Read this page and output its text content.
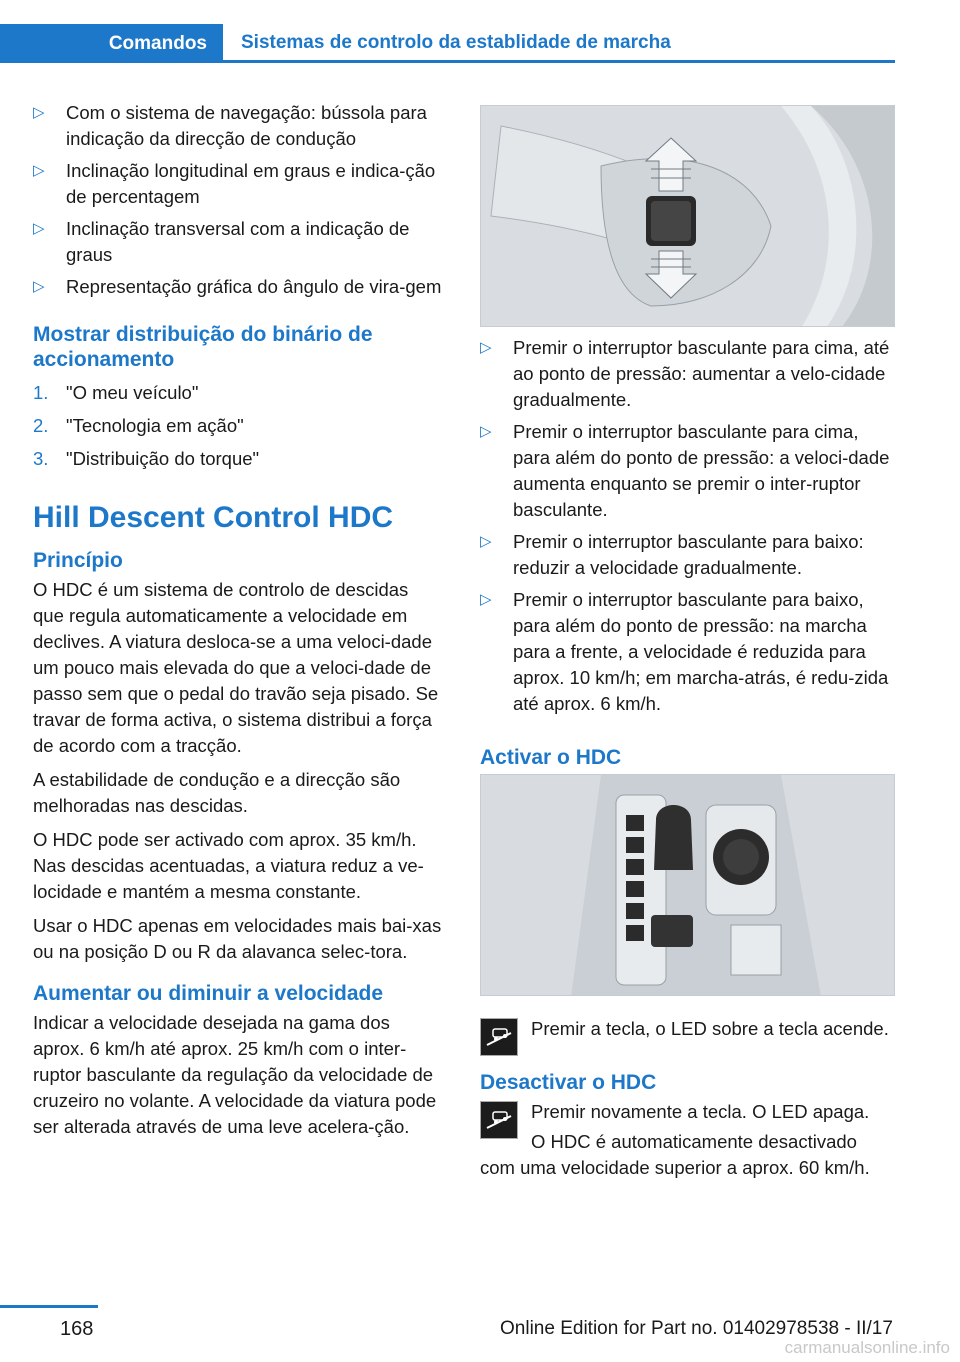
Comandos	Sistemas de controlo da establidade de marcha
▷ Com o sistema de navegação: bússola para indicação da direcção de condução
▷ Inclinação longitudinal em graus e indica-ção de percentagem
▷ Inclinação transversal com a indicação de graus
▷ Representação gráfica do ângulo de vira-gem
Mostrar distribuição do binário de accionamento
1. "O meu veículo"
2. "Tecnologia em ação"
3. "Distribuição do torque"
Hill Descent Control HDC
Princípio

O HDC é um sistema de controlo de descidas que regula automaticamente a velocidade em declives. A viatura desloca-se a uma veloci-dade um pouco mais elevada do que a veloci-dade de passo sem que o pedal do travão seja pisado. Se travar de forma activa, o sistema distribui a força de acordo com a tracção.

A estabilidade de condução e a direcção são melhoradas nas descidas.

O HDC pode ser activado com aprox. 35 km/h. Nas descidas acentuadas, a viatura reduz a ve-locidade e mantém a mesma constante.

Usar o HDC apenas em velocidades mais bai-xas ou na posição D ou R da alavanca selec-tora.

Aumentar ou diminuir a velocidade

Indicar a velocidade desejada na gama dos aprox. 6 km/h até aprox. 25 km/h com o inter-ruptor basculante da regulação da velocidade de cruzeiro no volante. A velocidade da viatura pode ser alterada através de uma leve acelera-ção.

▷ Premir o interruptor basculante para cima, até ao ponto de pressão: aumentar a velo-cidade gradualmente.
▷ Premir o interruptor basculante para cima, para além do ponto de pressão: a veloci-dade aumenta enquanto se premir o inter-ruptor basculante.
▷ Premir o interruptor basculante para baixo: reduzir a velocidade gradualmente.
▷ Premir o interruptor basculante para baixo, para além do ponto de pressão: na marcha para a frente, a velocidade é reduzida para aprox. 10 km/h; em marcha-atrás, é redu-zida até aprox. 6 km/h.
Activar o HDC
Premir a tecla, o LED sobre a tecla acende.
Desactivar o HDC
Premir novamente a tecla. O LED apaga.

O HDC é automaticamente desactivado com uma velocidade superior a aprox. 60 km/h.

168	Online Edition for Part no. 01402978538 - II/17
carmanualsonline.info
